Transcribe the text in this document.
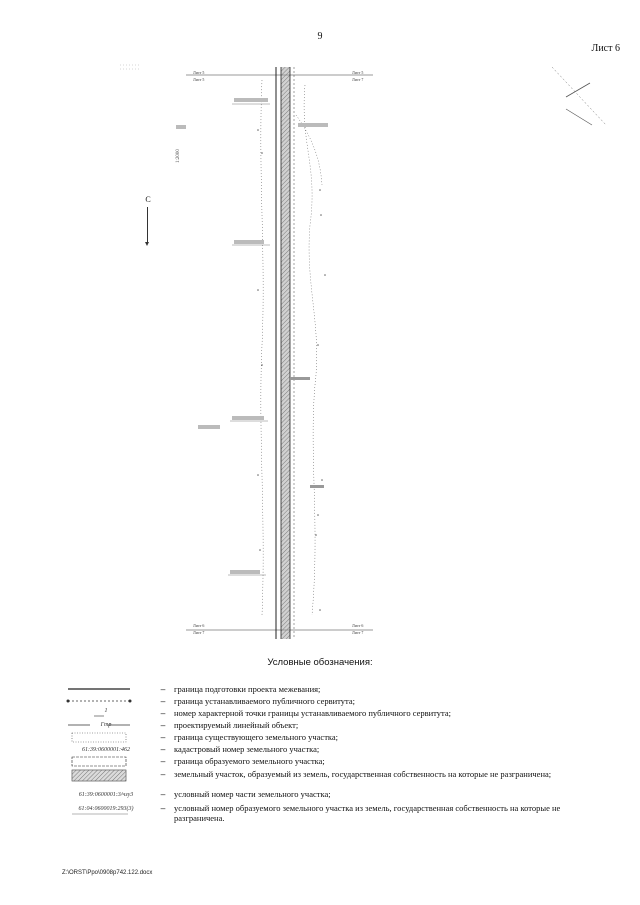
9
Лист 6
С
1:2000
Лист 5
Лист 5
Лист 5
Лист 7
Лист 6
Лист 7
Лист 6
Лист 7
Условные обозначения:
–	граница подготовки проекта межевания;
–	граница устанавливаемого публичного сервитута;
1	–	номер характерной точки границы устанавливаемого публичного сервитута;
Гтр	–	проектируемый линейный объект;
–	граница существующего земельного участка;
61:39:0600001:462	–	кадастровый номер земельного участка;
–	граница образуемого земельного участка;
–	земельный участок, образуемый из земель, государственная собственность на которые не разграничена;
61:39:0600001:3/чзу3	–	условный номер части земельного участка;
61:04:0600019:293(3)	–	условный номер образуемого земельного участка из земель, государственная собственность на которые не разграничена.
Z:\ORST\Ppo\0908p742.122.docx
